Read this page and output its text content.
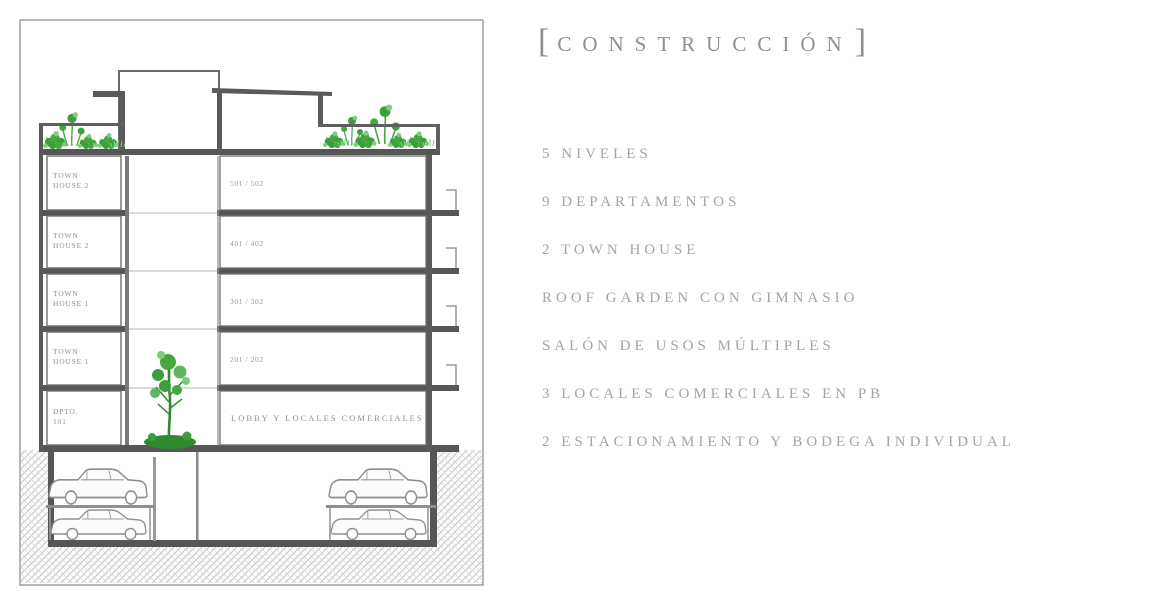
TOWN HOUSE 2
TOWN HOUSE 2
TOWN HOUSE 1
TOWN HOUSE 1
DPTO. 101
501 / 502
401 / 402
301 / 302
201 / 202
LOBBY Y LOCALES COMERCIALES
[ CONSTRUCCIÓN ]
5 NIVELES
9 DEPARTAMENTOS
2 TOWN HOUSE
ROOF GARDEN CON GIMNASIO
SALÓN DE USOS MÚLTIPLES
3 LOCALES COMERCIALES EN PB
2 ESTACIONAMIENTO Y BODEGA INDIVIDUAL
